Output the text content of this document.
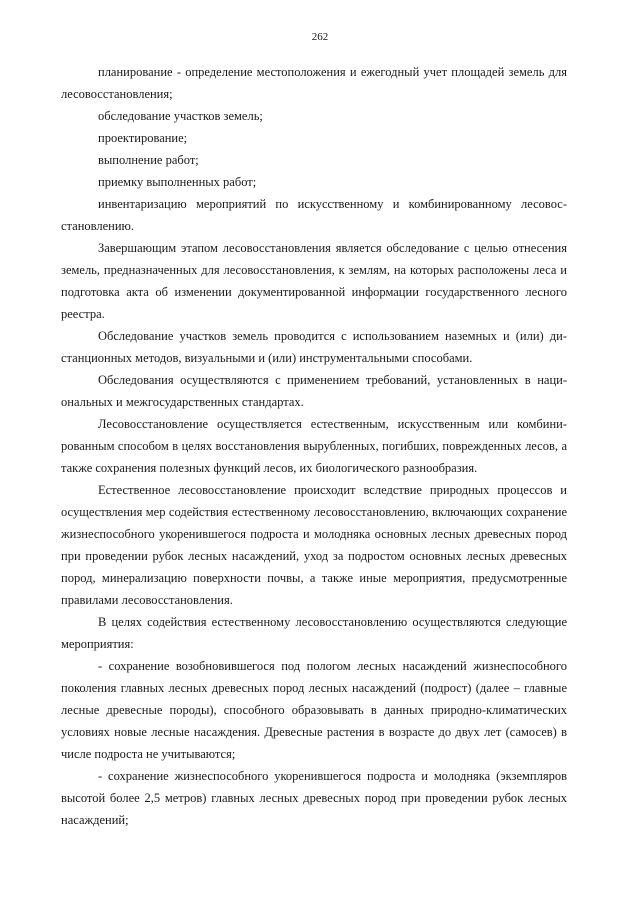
262

планирование - определение местоположения и ежегодный учет площадей земель для лесовосстановления;

обследование участков земель;

проектирование;

выполнение работ;

приемку выполненных работ;

инвентаризацию мероприятий по искусственному и комбинированному лесовосстановлению.

Завершающим этапом лесовосстановления является обследование с целью отнесения земель, предназначенных для лесовосстановления, к землям, на которых расположены леса и подготовка акта об изменении документированной информации государственного лесного реестра.

Обследование участков земель проводится с использованием наземных и (или) дистанционных методов, визуальными и (или) инструментальными способами.

Обследования осуществляются с применением требований, установленных в национальных и межгосударственных стандартах.

Лесовосстановление осуществляется естественным, искусственным или комбинированным способом в целях восстановления вырубленных, погибших, поврежденных лесов, а также сохранения полезных функций лесов, их биологического разнообразия.

Естественное лесовосстановление происходит вследствие природных процессов и осуществления мер содействия естественному лесовосстановлению, включающих сохранение жизнеспособного укоренившегося подроста и молодняка основных лесных древесных пород при проведении рубок лесных насаждений, уход за подростом основных лесных древесных пород, минерализацию поверхности почвы, а также иные мероприятия, предусмотренные правилами лесовосстановления.

В целях содействия естественному лесовосстановлению осуществляются следующие мероприятия:

- сохранение возобновившегося под пологом лесных насаждений жизнеспособного поколения главных лесных древесных пород лесных насаждений (подрост) (далее – главные лесные древесные породы), способного образовывать в данных природно-климатических условиях новые лесные насаждения. Древесные растения в возрасте до двух лет (самосев) в числе подроста не учитываются;

- сохранение жизнеспособного укоренившегося подроста и молодняка (экземпляров высотой более 2,5 метров) главных лесных древесных пород при проведении рубок лесных насаждений;
